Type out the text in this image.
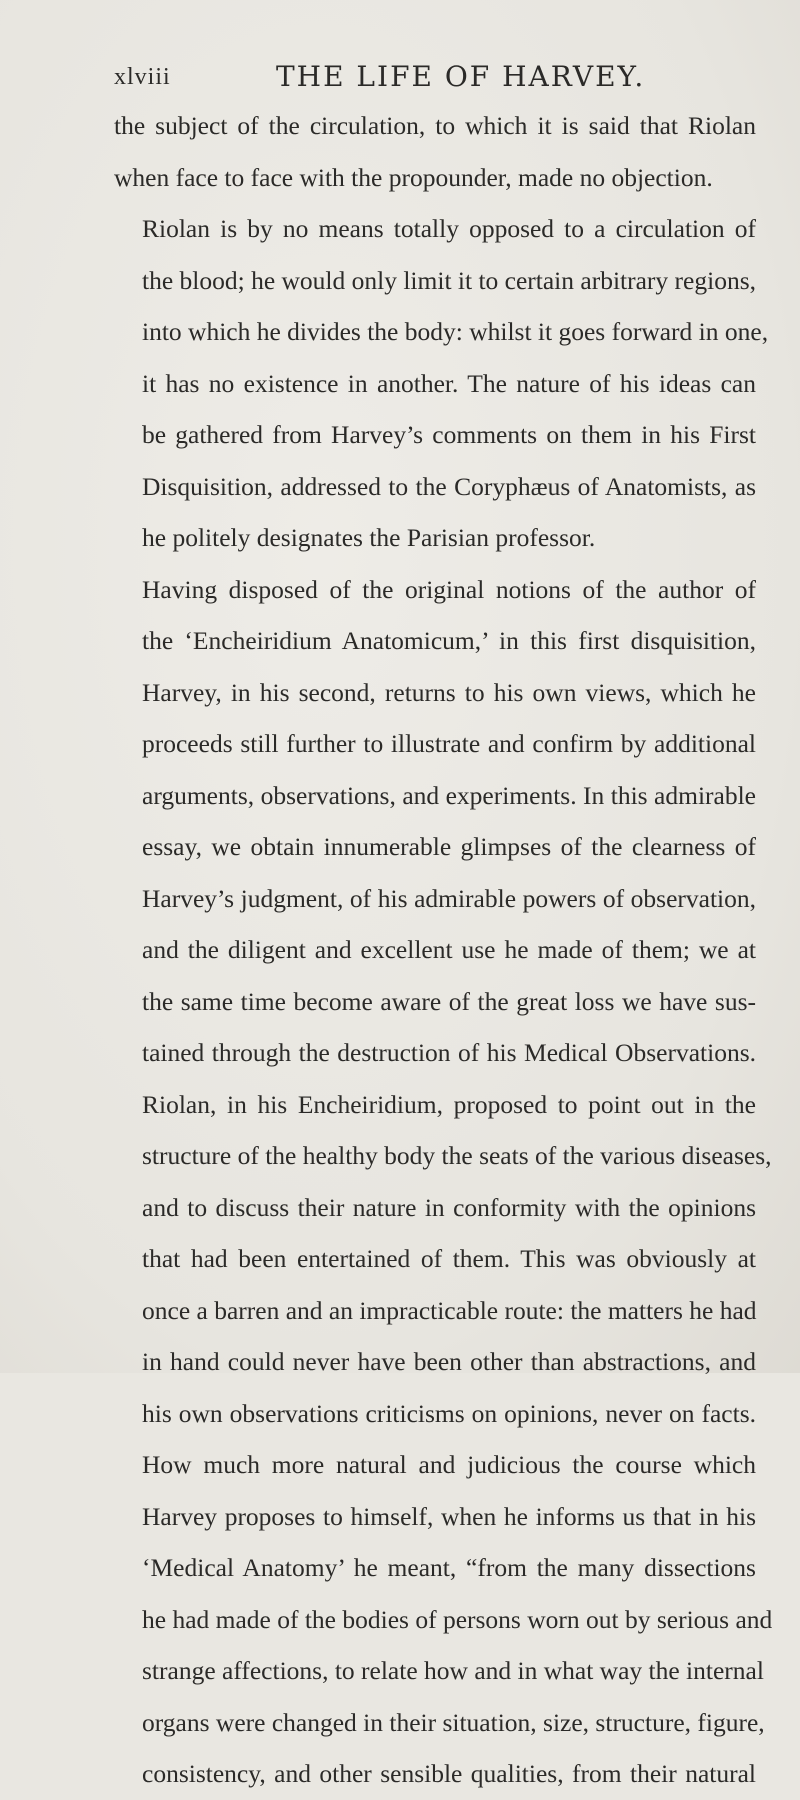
xlviii	THE LIFE OF HARVEY.

the subject of the circulation, to which it is said that Riolan
when face to face with the propounder, made no objection.

Riolan is by no means totally opposed to a circulation of
the blood; he would only limit it to certain arbitrary regions,
into which he divides the body: whilst it goes forward in one,
it has no existence in another. The nature of his ideas can
be gathered from Harvey’s comments on them in his First
Disquisition, addressed to the Coryphæus of Anatomists, as
he politely designates the Parisian professor.

Having disposed of the original notions of the author of
the ‘Encheiridium Anatomicum,’ in this first disquisition,
Harvey, in his second, returns to his own views, which he
proceeds still further to illustrate and confirm by additional
arguments, observations, and experiments. In this admirable
essay, we obtain innumerable glimpses of the clearness of
Harvey’s judgment, of his admirable powers of observation,
and the diligent and excellent use he made of them; we at
the same time become aware of the great loss we have sus-
tained through the destruction of his Medical Observations.
Riolan, in his Encheiridium, proposed to point out in the
structure of the healthy body the seats of the various diseases,
and to discuss their nature in conformity with the opinions
that had been entertained of them. This was obviously at
once a barren and an impracticable route: the matters he had
in hand could never have been other than abstractions, and
his own observations criticisms on opinions, never on facts.
How much more natural and judicious the course which
Harvey proposes to himself, when he informs us that in his
‘Medical Anatomy’ he meant, “from the many dissections
he had made of the bodies of persons worn out by serious and
strange affections, to relate how and in what way the internal
organs were changed in their situation, size, structure, figure,
consistency, and other sensible qualities, from their natural
